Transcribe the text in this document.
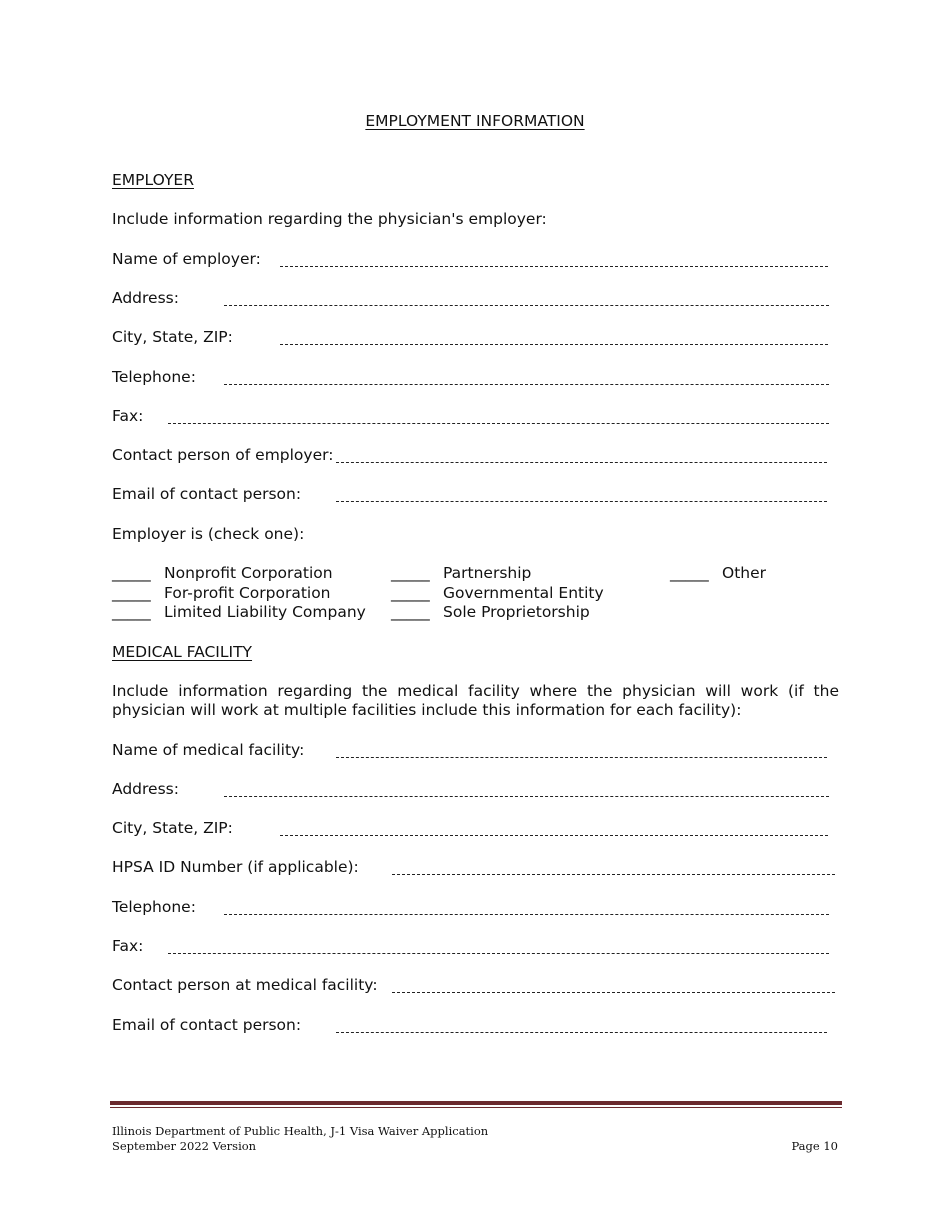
EMPLOYMENT INFORMATION
EMPLOYER
Include information regarding the physician's employer:
Name of employer:
Address:
City, State, ZIP:
Telephone:
Fax:
Contact person of employer:
Email of contact person:
Employer is (check one):
_____ Nonprofit Corporation
_____ For-profit Corporation
_____ Limited Liability Company
_____ Partnership
_____ Governmental Entity
_____ Sole Proprietorship
_____ Other
MEDICAL FACILITY
Include information regarding the medical facility where the physician will work (if the physician will work at multiple facilities include this information for each facility):
Name of medical facility:
Address:
City, State, ZIP:
HPSA ID Number (if applicable):
Telephone:
Fax:
Contact person at medical facility:
Email of contact person:
Illinois Department of Public Health, J-1 Visa Waiver Application
September 2022 Version	Page 10
